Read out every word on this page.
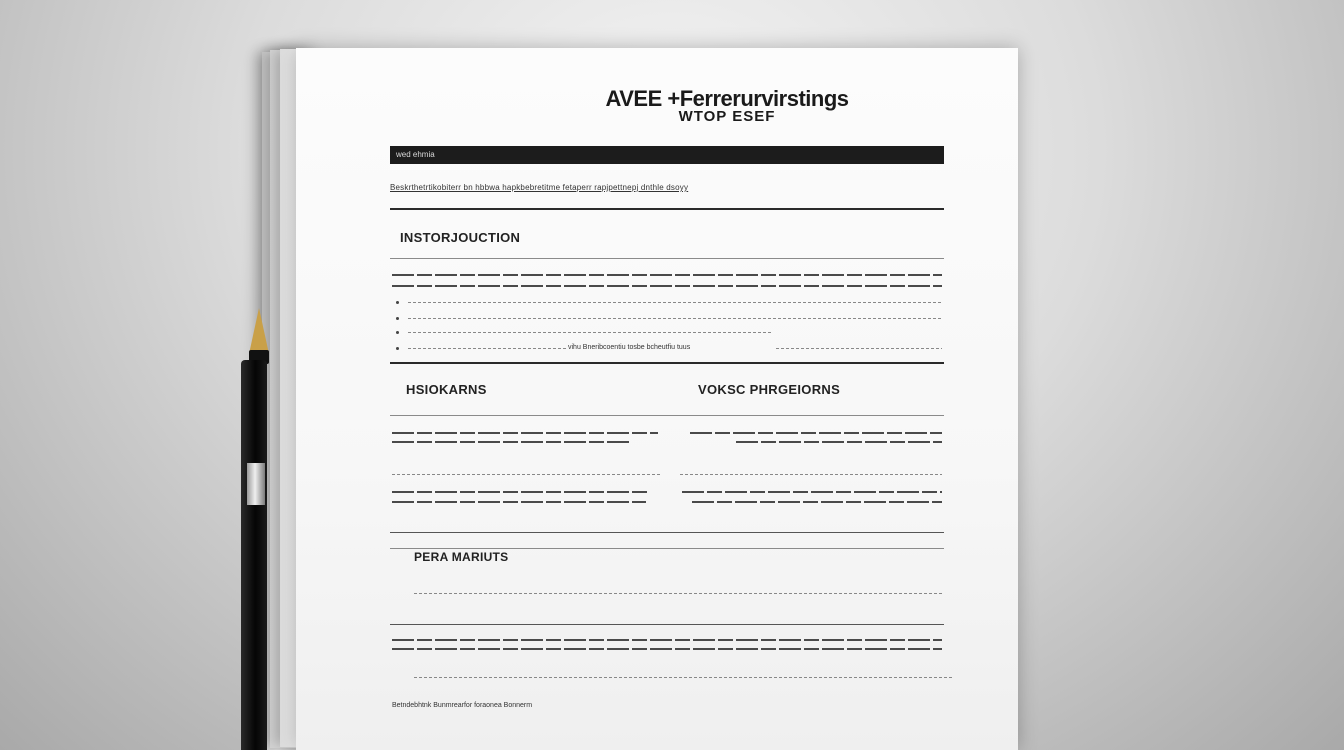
AVEE +Ferrerurvirstings
WTOP ESEF
wed ehmia
Beskrthetrtikobiterr bn hbbwa hapkbebretitme fetaperr rapjpettnepj dnthle dsoyy
INSTORJOUCTION
vihu Bneribcoentiu tosbe bcheutfiu tuus
HSIOKARNS	VOKSC PHRGEIORNS
PERA MARIUTS
Betndebhtnk Bunmrearfor foraonea Bonnerm
